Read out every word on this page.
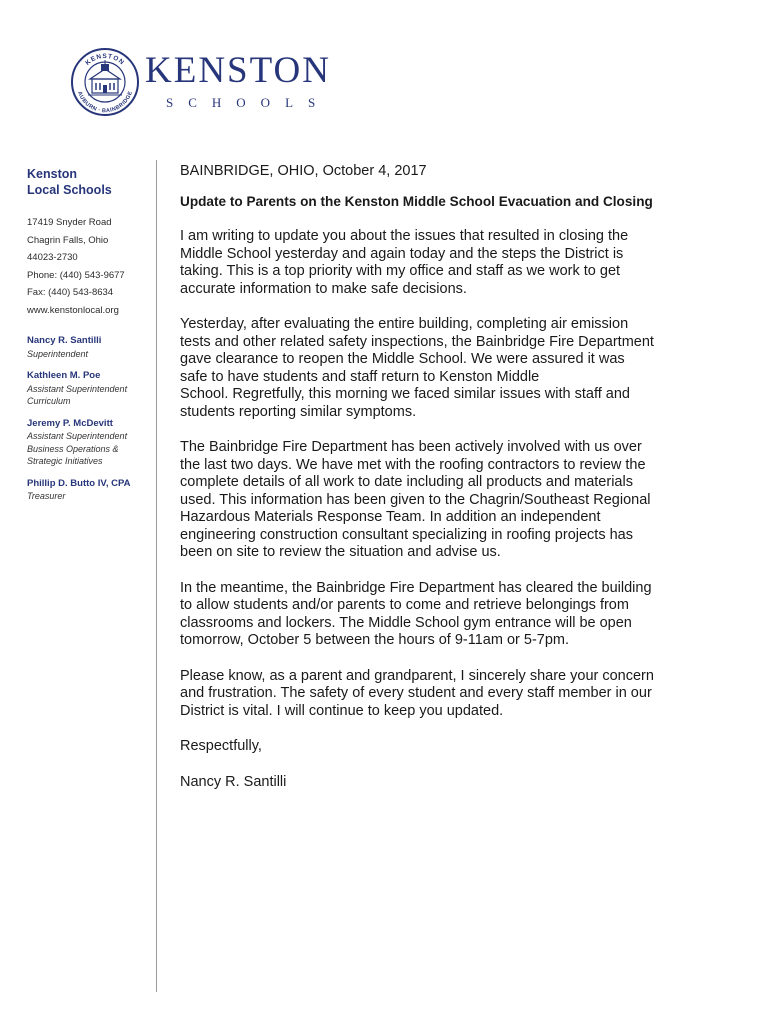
KENSTON
AUBURN · BAINBRIDGE
KENSTON
SCHOOLS
Kenston
Local Schools
17419 Snyder Road
Chagrin Falls, Ohio
44023-2730
Phone: (440) 543-9677
Fax: (440) 543-8634
www.kenstonlocal.org
Nancy R. Santilli
Superintendent
Kathleen M. Poe
Assistant Superintendent
Curriculum
Jeremy P. McDevitt
Assistant Superintendent
Business Operations &
Strategic Initiatives
Phillip D. Butto IV, CPA
Treasurer
BAINBRIDGE, OHIO, October 4, 2017
Update to Parents on the Kenston Middle School Evacuation and Closing
I am writing to update you about the issues that resulted in closing the
Middle School yesterday and again today and the steps the District is
taking. This is a top priority with my office and staff as we work to get
accurate information to make safe decisions.
Yesterday, after evaluating the entire building, completing air emission
tests and other related safety inspections, the Bainbridge Fire Department
gave clearance to reopen the Middle School. We were assured it was
safe to have students and staff return to Kenston Middle
School. Regretfully, this morning we faced similar issues with staff and
students reporting similar symptoms.
The Bainbridge Fire Department has been actively involved with us over
the last two days. We have met with the roofing contractors to review the
complete details of all work to date including all products and materials
used. This information has been given to the Chagrin/Southeast Regional
Hazardous Materials Response Team. In addition an independent
engineering construction consultant specializing in roofing projects has
been on site to review the situation and advise us.
In the meantime, the Bainbridge Fire Department has cleared the building
to allow students and/or parents to come and retrieve belongings from
classrooms and lockers. The Middle School gym entrance will be open
tomorrow, October 5 between the hours of 9-11am or 5-7pm.
Please know, as a parent and grandparent, I sincerely share your concern
and frustration. The safety of every student and every staff member in our
District is vital. I will continue to keep you updated.
Respectfully,
Nancy R. Santilli
